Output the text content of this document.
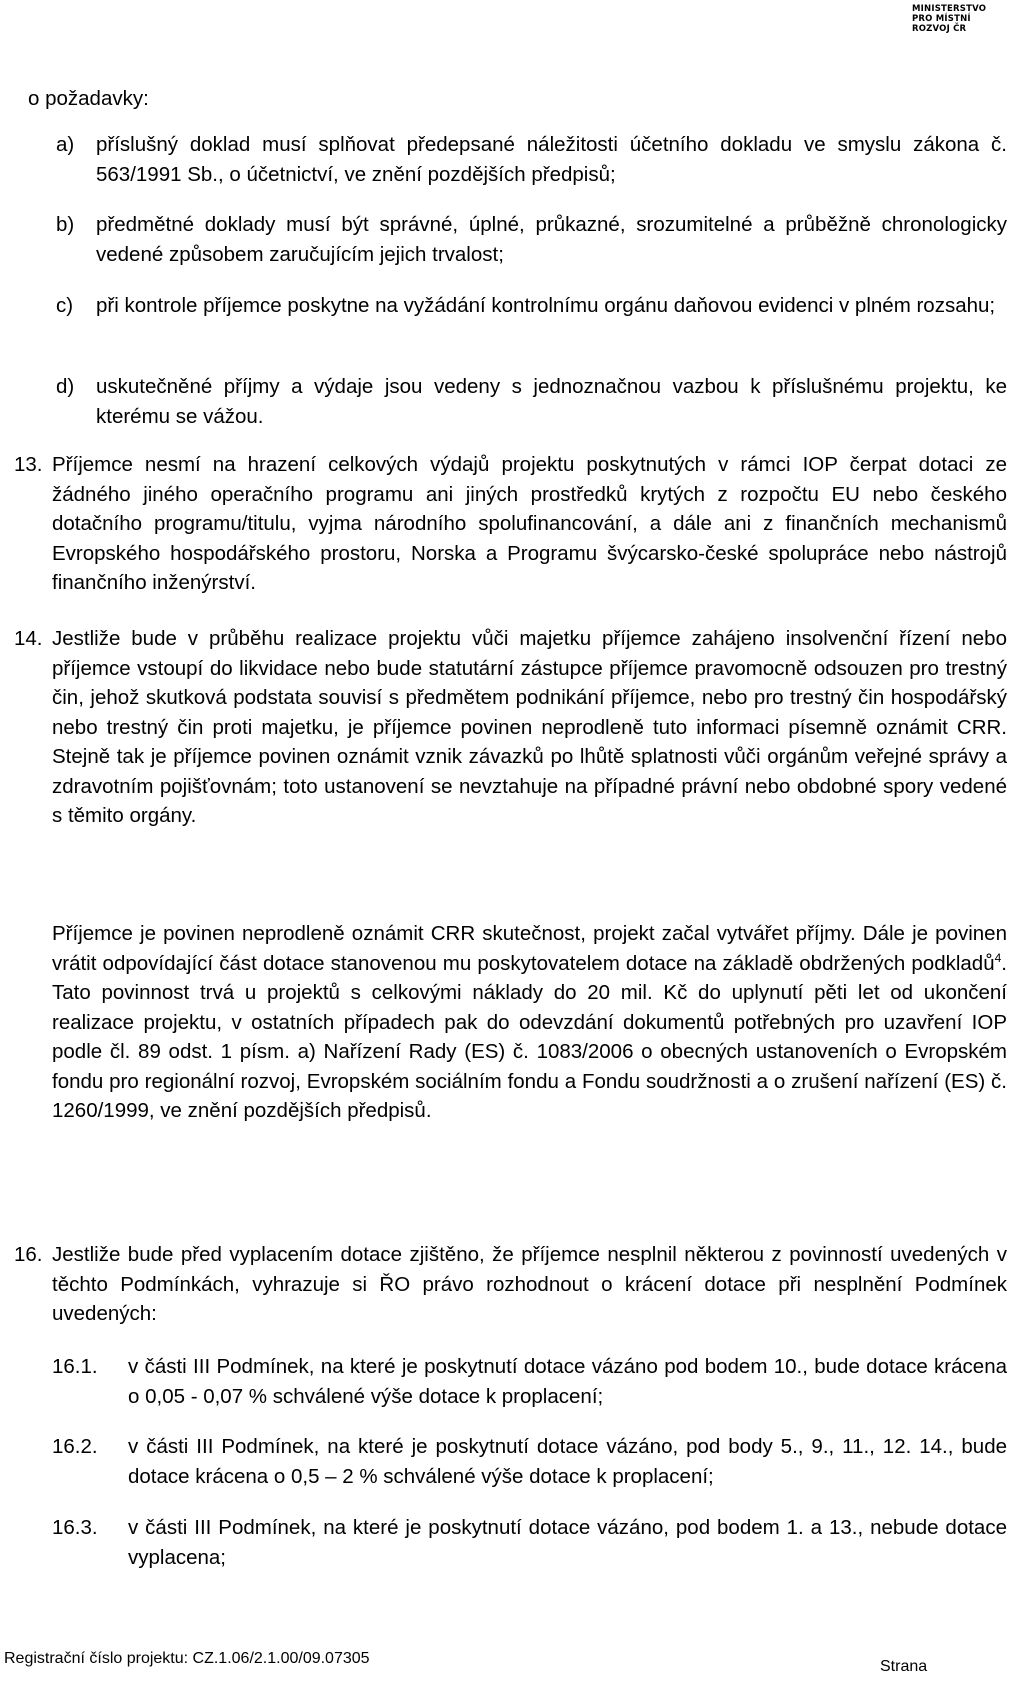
MINISTERSTVO
PRO MÍSTNÍ
ROZVOJ ČR
o požadavky:
a) příslušný doklad musí splňovat předepsané náležitosti účetního dokladu ve smyslu zákona č. 563/1991 Sb., o účetnictví, ve znění pozdějších předpisů;
b) předmětné doklady musí být správné, úplné, průkazné, srozumitelné a průběžně chronologicky vedené způsobem zaručujícím jejich trvalost;
c) při kontrole příjemce poskytne na vyžádání kontrolnímu orgánu daňovou evidenci v plném rozsahu;
d) uskutečněné příjmy a výdaje jsou vedeny s jednoznačnou vazbou k příslušnému projektu, ke kterému se vážou.
13. Příjemce nesmí na hrazení celkových výdajů projektu poskytnutých v rámci IOP čerpat dotaci ze žádného jiného operačního programu ani jiných prostředků krytých z rozpočtu EU nebo českého dotačního programu/titulu, vyjma národního spolufinancování, a dále ani z finančních mechanismů Evropského hospodářského prostoru, Norska a Programu švýcarsko-české spolupráce nebo nástrojů finančního inženýrství.
14. Jestliže bude v průběhu realizace projektu vůči majetku příjemce zahájeno insolvenční řízení nebo příjemce vstoupí do likvidace nebo bude statutární zástupce příjemce pravomocně odsouzen pro trestný čin, jehož skutková podstata souvisí s předmětem podnikání příjemce, nebo pro trestný čin hospodářský nebo trestný čin proti majetku, je příjemce povinen neprodleně tuto informaci písemně oznámit CRR. Stejně tak je příjemce povinen oznámit vznik závazků po lhůtě splatnosti vůči orgánům veřejné správy a zdravotním pojišťovnám; toto ustanovení se nevztahuje na případné právní nebo obdobné spory vedené s těmito orgány.
Příjemce je povinen neprodleně oznámit CRR skutečnost, projekt začal vytvářet příjmy. Dále je povinen vrátit odpovídající část dotace stanovenou mu poskytovatelem dotace na základě obdržených podkladů$^4$. Tato povinnost trvá u projektů s celkovými náklady do 20 mil. Kč do uplynutí pěti let od ukončení realizace projektu, v ostatních případech pak do odevzdání dokumentů potřebných pro uzavření IOP podle čl. 89 odst. 1 písm. a) Nařízení Rady (ES) č. 1083/2006 o obecných ustanoveních o Evropském fondu pro regionální rozvoj, Evropském sociálním fondu a Fondu soudržnosti a o zrušení nařízení (ES) č. 1260/1999, ve znění pozdějších předpisů.
16. Jestliže bude před vyplacením dotace zjištěno, že příjemce nesplnil některou z povinností uvedených v těchto Podmínkách, vyhrazuje si ŘO právo rozhodnout o krácení dotace při nesplnění Podmínek uvedených:
16.1. v části III Podmínek, na které je poskytnutí dotace vázáno pod bodem 10., bude dotace krácena o 0,05 - 0,07 % schválené výše dotace k proplacení;
16.2. v části III Podmínek, na které je poskytnutí dotace vázáno, pod body 5., 9., 11., 12. 14., bude dotace krácena o 0,5 – 2 % schválené výše dotace k proplacení;
16.3. v části III Podmínek, na které je poskytnutí dotace vázáno, pod bodem 1. a 13., nebude dotace vyplacena;
Registrační číslo projektu: CZ.1.06/2.1.00/09.07305	Strana
